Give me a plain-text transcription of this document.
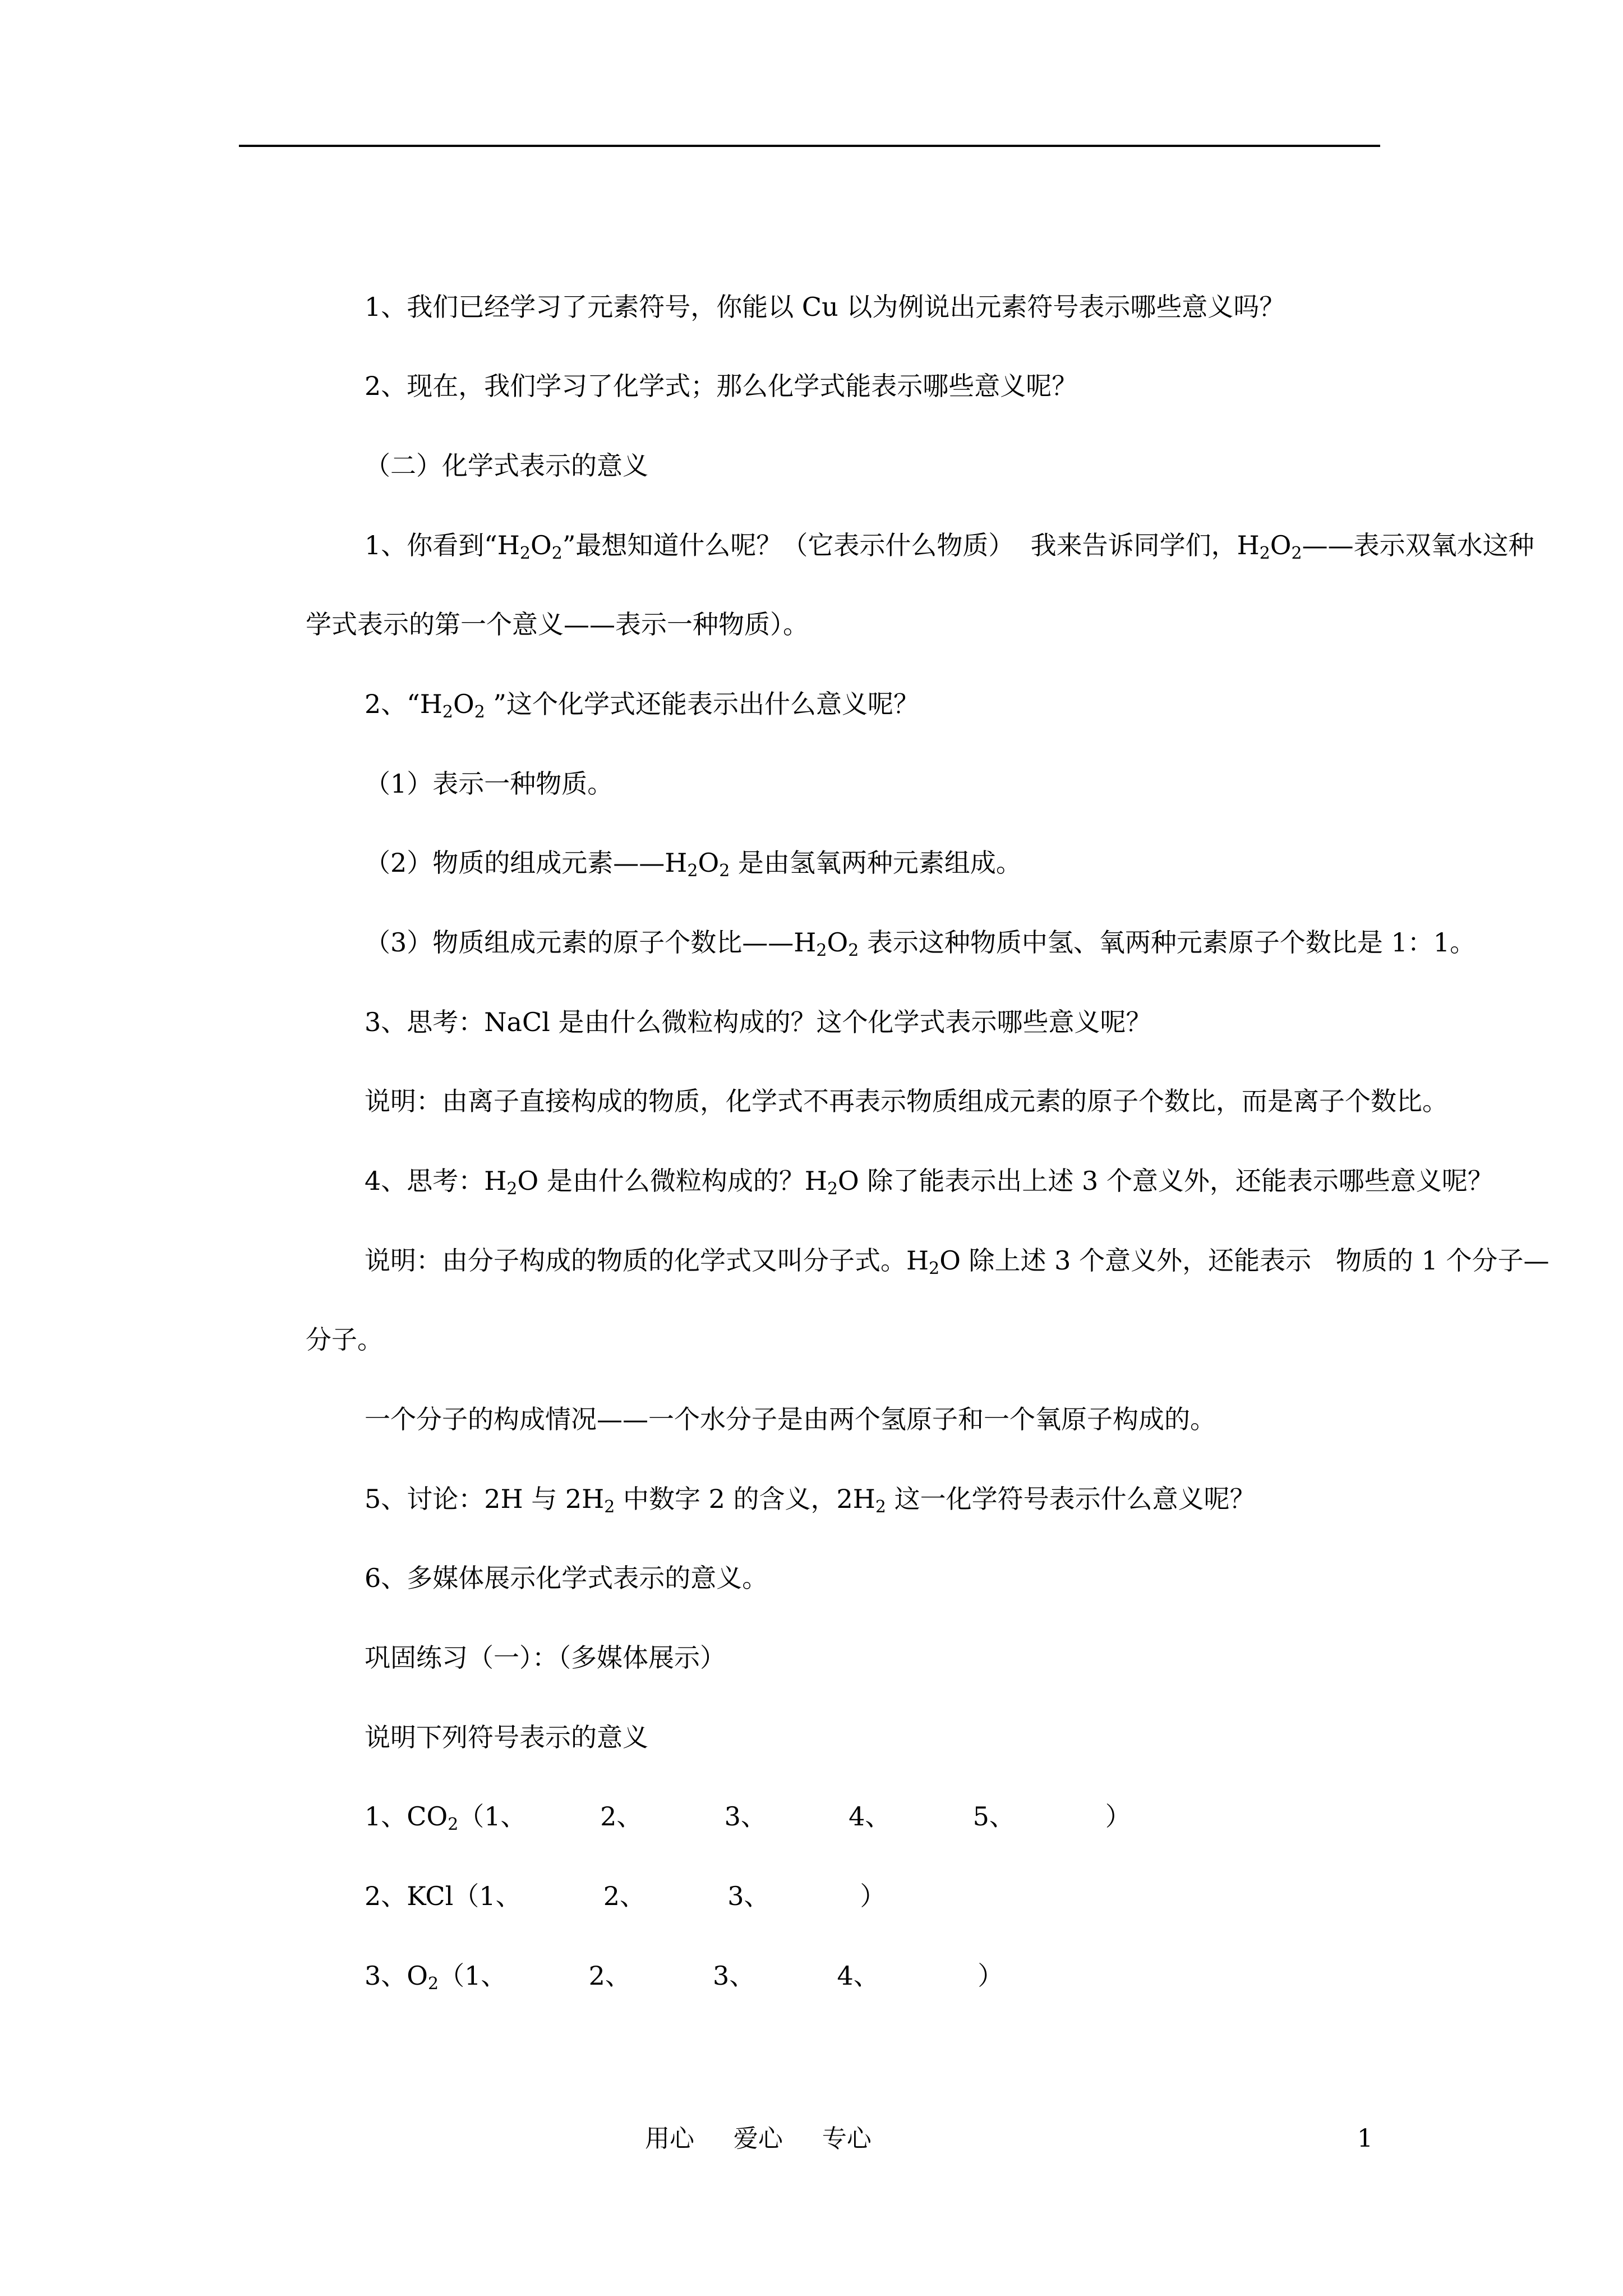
1、我们已经学习了元素符号，你能以 Cu 以为例说出元素符号表示哪些意义吗？
2、现在，我们学习了化学式；那么化学式能表示哪些意义呢？
（二）化学式表示的意义
1、你看到“$H_2O_2$”最想知道什么呢？（它表示什么物质）  我来告诉同学们，$H_2O_2——$表示双氧水这种
学式表示的第一个意义——表示一种物质）。
2、“$H_2O_2$ ”这个化学式还能表示出什么意义呢？
（1）表示一种物质。
（2）物质的组成元素$——H_2O_2$ 是由氢氧两种元素组成。
（3）物质组成元素的原子个数比$——H_2O_2$ 表示这种物质中氢、氧两种元素原子个数比是 1：1。
3、思考：NaCl 是由什么微粒构成的？这个化学式表示哪些意义呢？
说明：由离子直接构成的物质，化学式不再表示物质组成元素的原子个数比，而是离子个数比。
4、思考：$H_2O$ 是由什么微粒构成的？$H_2O$ 除了能表示出上述 3 个意义外，还能表示哪些意义呢？
说明：由分子构成的物质的化学式又叫分子式。$H_2O$ 除上述 3 个意义外，还能表示   物质的 1 个分子—
分子。
一个分子的构成情况——一个水分子是由两个氢原子和一个氧原子构成的。
5、讨论：2H 与 $2H_2$ 中数字 2 的含义，$2H_2$ 这一化学符号表示什么意义呢？
6、多媒体展示化学式表示的意义。
巩固练习（一）：（多媒体展示）
说明下列符号表示的意义
1、$CO_2(1$、         2、          3、          4、          5、           ）
2、KCl（1、          2、          3、           ）
3、$O_2(1$、          2、          3、          4、            ）
用心     爱心     专心	1
